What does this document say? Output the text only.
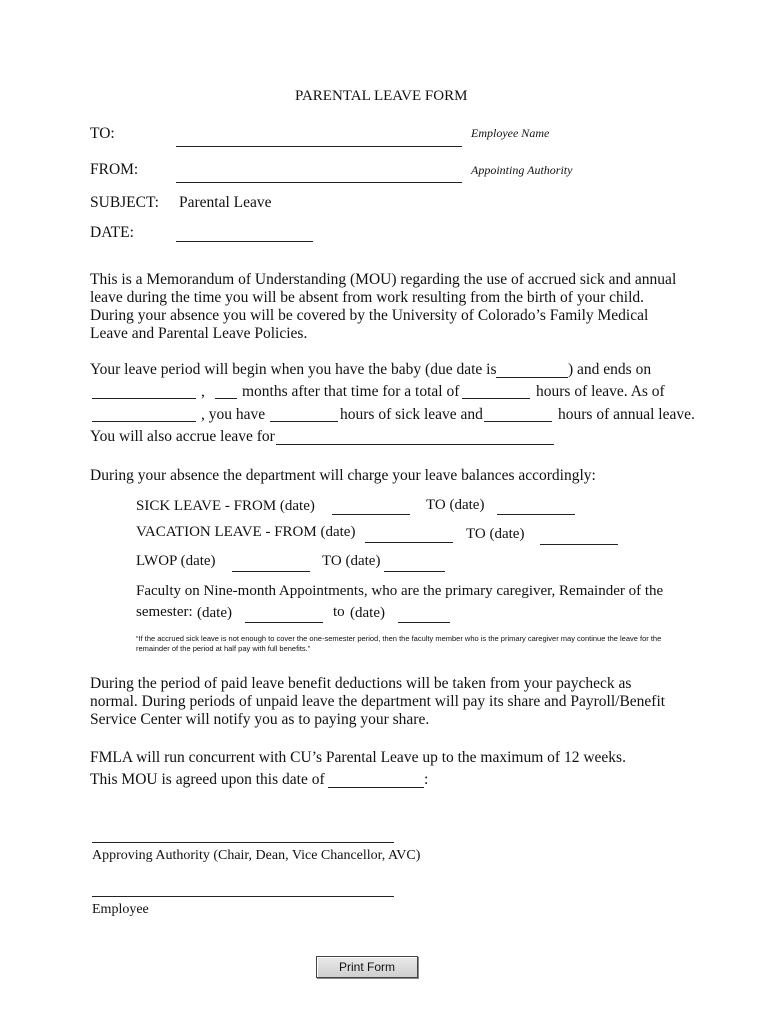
PARENTAL LEAVE FORM
TO:	Employee Name
FROM:	Appointing Authority
SUBJECT: Parental Leave
DATE:
This is a Memorandum of Understanding (MOU) regarding the use of accrued sick and annual leave during the time you will be absent from work resulting from the birth of your child. During your absence you will be covered by the University of Colorado’s Family Medical Leave and Parental Leave Policies.
Your leave period will begin when you have the baby (due date is	) and ends on
, months after that time for a total of	hours of leave. As of
, you have	hours of sick leave and	hours of annual leave.
You will also accrue leave for
During your absence the department will charge your leave balances accordingly:
SICK LEAVE - FROM (date)	TO (date)
VACATION LEAVE - FROM (date)	TO (date)
LWOP (date)	TO (date)
Faculty on Nine-month Appointments, who are the primary caregiver, Remainder of the
semester: (date)	to (date)
“If the accrued sick leave is not enough to cover the one-semester period, then the faculty member who is the primary caregiver may continue the leave for the remainder of the period at half pay with full benefits.”
During the period of paid leave benefit deductions will be taken from your paycheck as normal. During periods of unpaid leave the department will pay its share and Payroll/Benefit Service Center will notify you as to paying your share.
FMLA will run concurrent with CU’s Parental Leave up to the maximum of 12 weeks.
This MOU is agreed upon this date of	:
Approving Authority (Chair, Dean, Vice Chancellor, AVC)
Employee
Print Form
